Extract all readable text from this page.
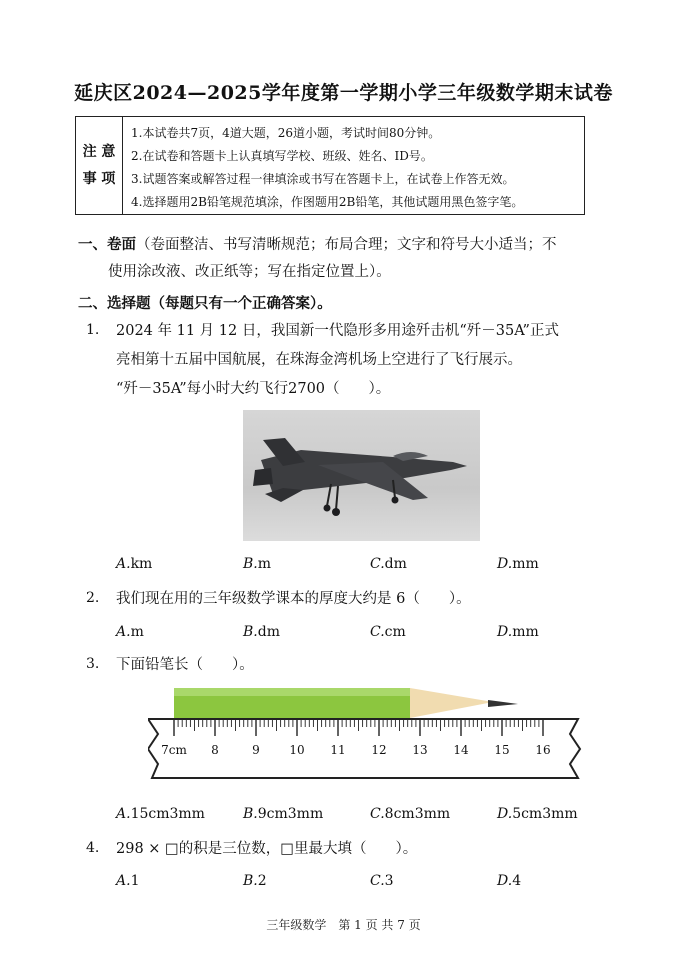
延庆区2024—2025学年度第一学期小学三年级数学期末试卷
注 意
事 项
1.本试卷共7页，4道大题，26道小题，考试时间80分钟。
2.在试卷和答题卡上认真填写学校、班级、姓名、ID号。
3.试题答案或解答过程一律填涂或书写在答题卡上，在试卷上作答无效。
4.选择题用2B铅笔规范填涂，作图题用2B铅笔，其他试题用黑色签字笔。
一、卷面（卷面整洁、书写清晰规范；布局合理；文字和符号大小适当；不
使用涂改液、改正纸等；写在指定位置上）。
二、选择题（每题只有一个正确答案）。
1. 2024 年 11 月 12 日，我国新一代隐形多用途歼击机“歼－35A”正式
亮相第十五届中国航展，在珠海金湾机场上空进行了飞行展示。
“歼－35A”每小时大约飞行2700（　　）。
A.km	B.m	C.dm	D.mm
2. 我们现在用的三年级数学课本的厚度大约是 6（　　）。
A.m	B.dm	C.cm	D.mm
3. 下面铅笔长（　　）。
7cm 8	9 10 11 12 13 14 15 16
A.15cm3mm	B.9cm3mm	C.8cm3mm	D.5cm3mm
4. 298 × □的积是三位数，□里最大填（　　）。
A.1	B.2	C.3	D.4
三年级数学　第 1 页 共 7 页
